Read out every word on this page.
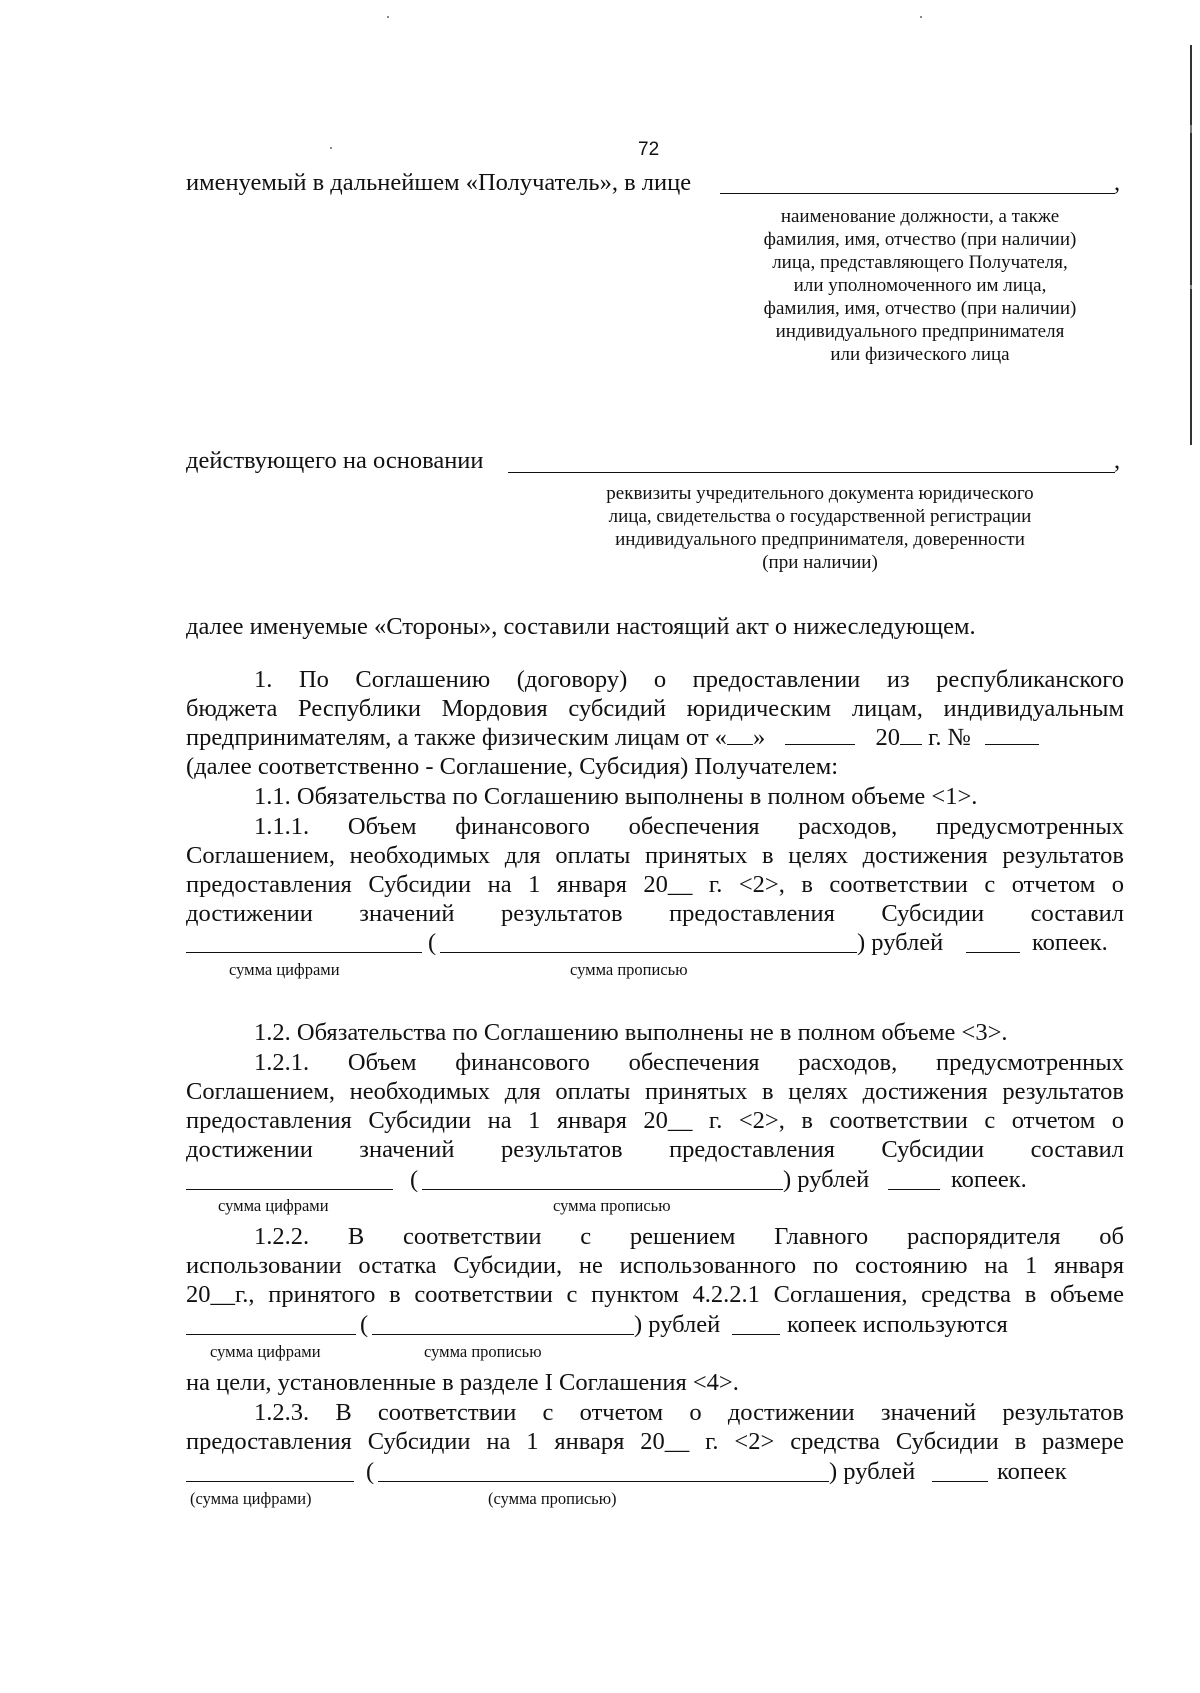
72
именуемый в дальнейшем «Получатель», в лице	,
наименование должности, а также
фамилия, имя, отчество (при наличии)
лица, представляющего Получателя,
или уполномоченного им лица,
фамилия, имя, отчество (при наличии)
индивидуального предпринимателя
или физического лица
действующего на основании	,
реквизиты учредительного документа юридического
лица, свидетельства о государственной регистрации
индивидуального предпринимателя, доверенности
(при наличии)
далее именуемые «Стороны», составили настоящий акт о нижеследующем.
1. По Соглашению (договору) о предоставлении из республиканского
бюджета Республики Мордовия субсидий юридическим лицам, индивидуальным
предпринимателям, а также физическим лицам от « »	20 г. №
(далее соответственно - Соглашение, Субсидия) Получателем:
1.1. Обязательства по Соглашению выполнены в полном объеме <1>.
1.1.1. Объем финансового обеспечения расходов, предусмотренных
Соглашением, необходимых для оплаты принятых в целях достижения результатов
предоставления Субсидии на 1 января 20__ г. <2>, в соответствии с отчетом о
достижении значений результатов предоставления Субсидии составил
(	) рублей	копеек.
сумма цифрами	сумма прописью
1.2. Обязательства по Соглашению выполнены не в полном объеме <3>.
1.2.1. Объем финансового обеспечения расходов, предусмотренных
Соглашением, необходимых для оплаты принятых в целях достижения результатов
предоставления Субсидии на 1 января 20__ г. <2>, в соответствии с отчетом о
достижении значений результатов предоставления Субсидии составил
(	) рублей	копеек.
сумма цифрами	сумма прописью
1.2.2. В соответствии с решением Главного распорядителя об
использовании остатка Субсидии, не использованного по состоянию на 1 января
20__г., принятого в соответствии с пунктом 4.2.2.1 Соглашения, средства в объеме
(	) рублей	копеек используются
сумма цифрами	сумма прописью
на цели, установленные в разделе I Соглашения <4>.
1.2.3. В соответствии с отчетом о достижении значений результатов
предоставления Субсидии на 1 января 20__ г. <2> средства Субсидии в размере
(	) рублей	копеек
(сумма цифрами)	(сумма прописью)
